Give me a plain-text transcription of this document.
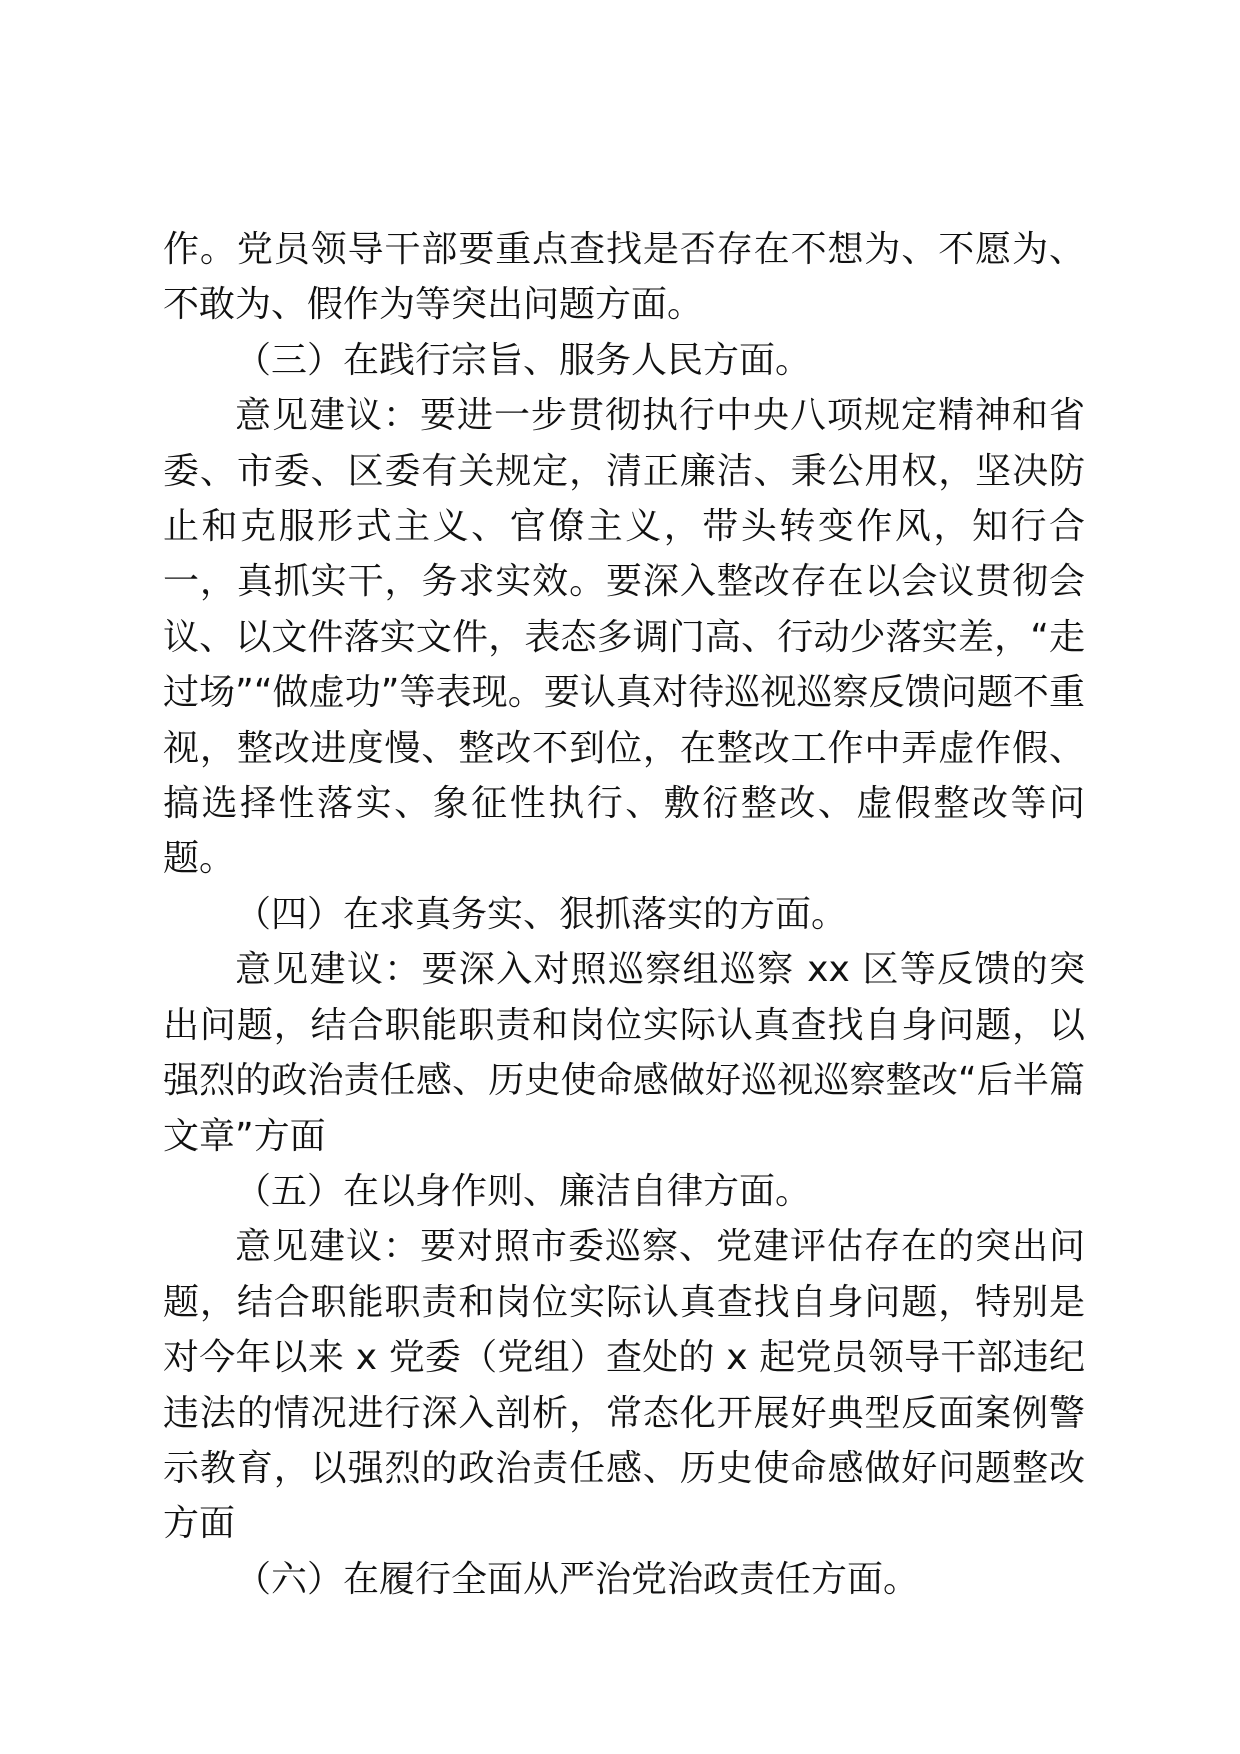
作。党员领导干部要重点查找是否存在不想为、不愿为、不敢为、假作为等突出问题方面。

（三）在践行宗旨、服务人民方面。

意见建议：要进一步贯彻执行中央八项规定精神和省委、市委、区委有关规定，清正廉洁、秉公用权，坚决防止和克服形式主义、官僚主义，带头转变作风，知行合一，真抓实干，务求实效。要深入整改存在以会议贯彻会议、以文件落实文件，表态多调门高、行动少落实差，“走过场”“做虚功”等表现。要认真对待巡视巡察反馈问题不重视，整改进度慢、整改不到位，在整改工作中弄虚作假、搞选择性落实、象征性执行、敷衍整改、虚假整改等问题。

（四）在求真务实、狠抓落实的方面。

意见建议：要深入对照巡察组巡察 xx 区等反馈的突出问题，结合职能职责和岗位实际认真查找自身问题，以强烈的政治责任感、历史使命感做好巡视巡察整改“后半篇文章”方面

（五）在以身作则、廉洁自律方面。

意见建议：要对照市委巡察、党建评估存在的突出问题，结合职能职责和岗位实际认真查找自身问题，特别是对今年以来 x 党委（党组）查处的 x 起党员领导干部违纪违法的情况进行深入剖析，常态化开展好典型反面案例警示教育，以强烈的政治责任感、历史使命感做好问题整改方面

（六）在履行全面从严治党治政责任方面。
